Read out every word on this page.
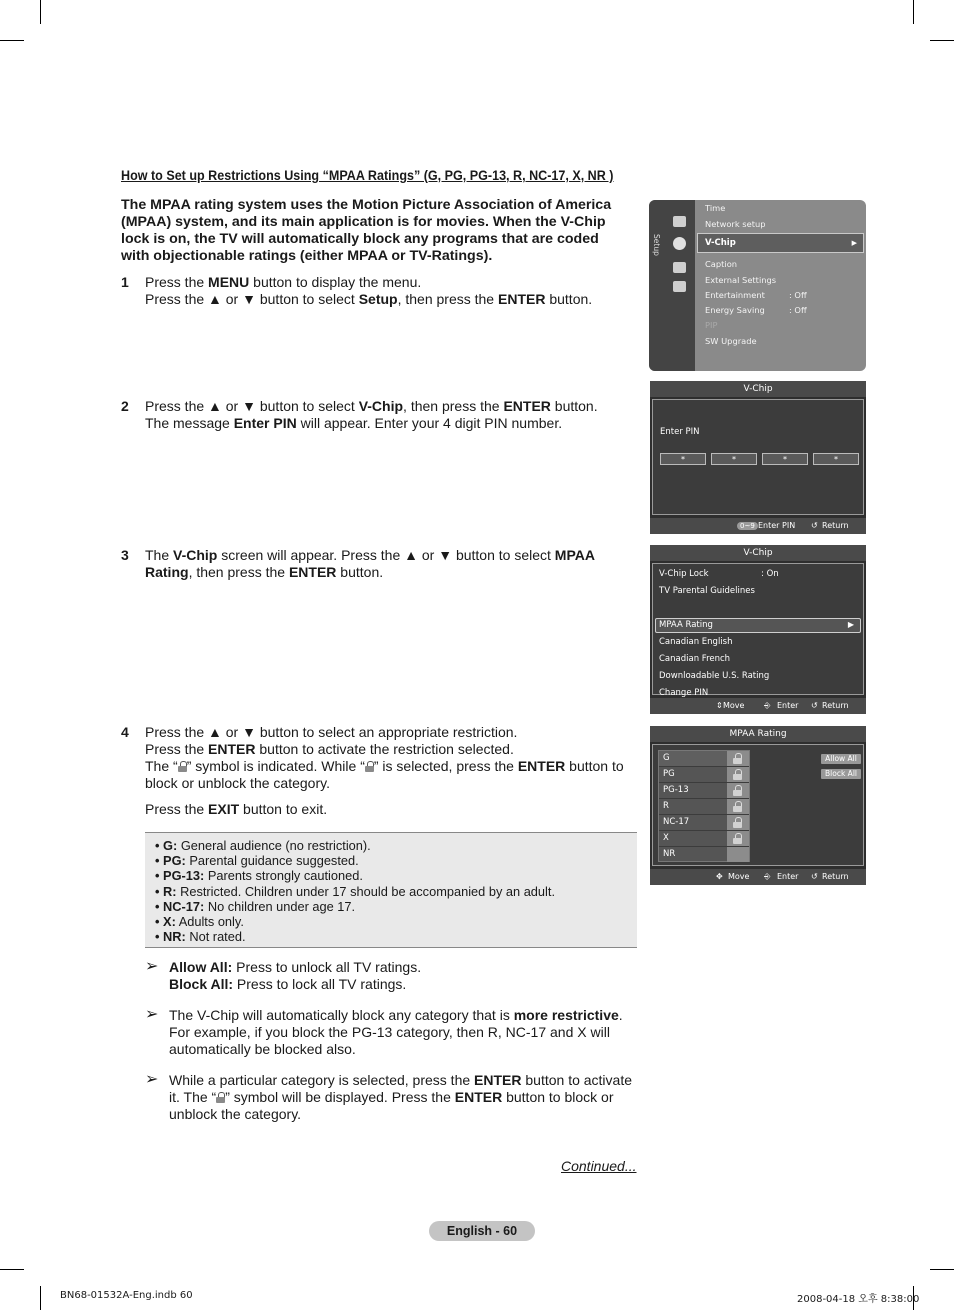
How to Set up Restrictions Using “MPAA Ratings” (G, PG, PG-13, R, NC-17, X, NR )
The MPAA rating system uses the Motion Picture Association of America (MPAA) system, and its main application is for movies. When the V-Chip lock is on, the TV will automatically block any programs that are coded with objectionable ratings (either MPAA or TV-Ratings).
1 Press the MENU button to display the menu.

Press the ▲ or ▼ button to select Setup, then press the ENTER button.

2 Press the ▲ or ▼ button to select V-Chip, then press the ENTER button.

The message Enter PIN will appear. Enter your 4 digit PIN number.

3 The V-Chip screen will appear. Press the ▲ or ▼ button to select MPAA

Rating, then press the ENTER button.

4 Press the ▲ or ▼ button to select an appropriate restriction.

Press the ENTER button to activate the restriction selected.

The “ ” symbol is indicated. While “ ” is selected, press the ENTER button to

block or unblock the category.

Press the EXIT button to exit.

• G: General audience (no restriction).
• PG: Parental guidance suggested.
• PG-13: Parents strongly cautioned.
• R: Restricted. Children under 17 should be accompanied by an adult.
• NC-17: No children under age 17.
• X: Adults only.
• NR: Not rated.
➢ Allow All: Press to unlock all TV ratings.

Block All: Press to lock all TV ratings.

➢ The V-Chip will automatically block any category that is more restrictive.

For example, if you block the PG-13 category, then R, NC-17 and X will

automatically be blocked also.

➢ While a particular category is selected, press the ENTER button to activate

it. The “ ” symbol will be displayed. Press the ENTER button to block or

unblock the category.

Continued...
English - 60
BN68-01532A-Eng.indb 60	2008-04-18 오후 8:38:00
Setup
Time
Network setup
V-Chip	▶
Caption
External Settings
Entertainment	: Off
Energy Saving	: Off
PIP
SW Upgrade
V-Chip
Enter PIN
*	*	*	*
0~9 Enter PIN ↺ Return
V-Chip
V-Chip Lock	: On
TV Parental Guidelines
▶
MPAA Rating
Canadian English
Canadian French
Downloadable U.S. Rating
Change PIN
⇕ Move ⎆ Enter ↺ Return
MPAA Rating
G
PG
PG-13
R
NC-17
X
NR
Allow All
Block All
✥ Move ⎆ Enter ↺ Return
